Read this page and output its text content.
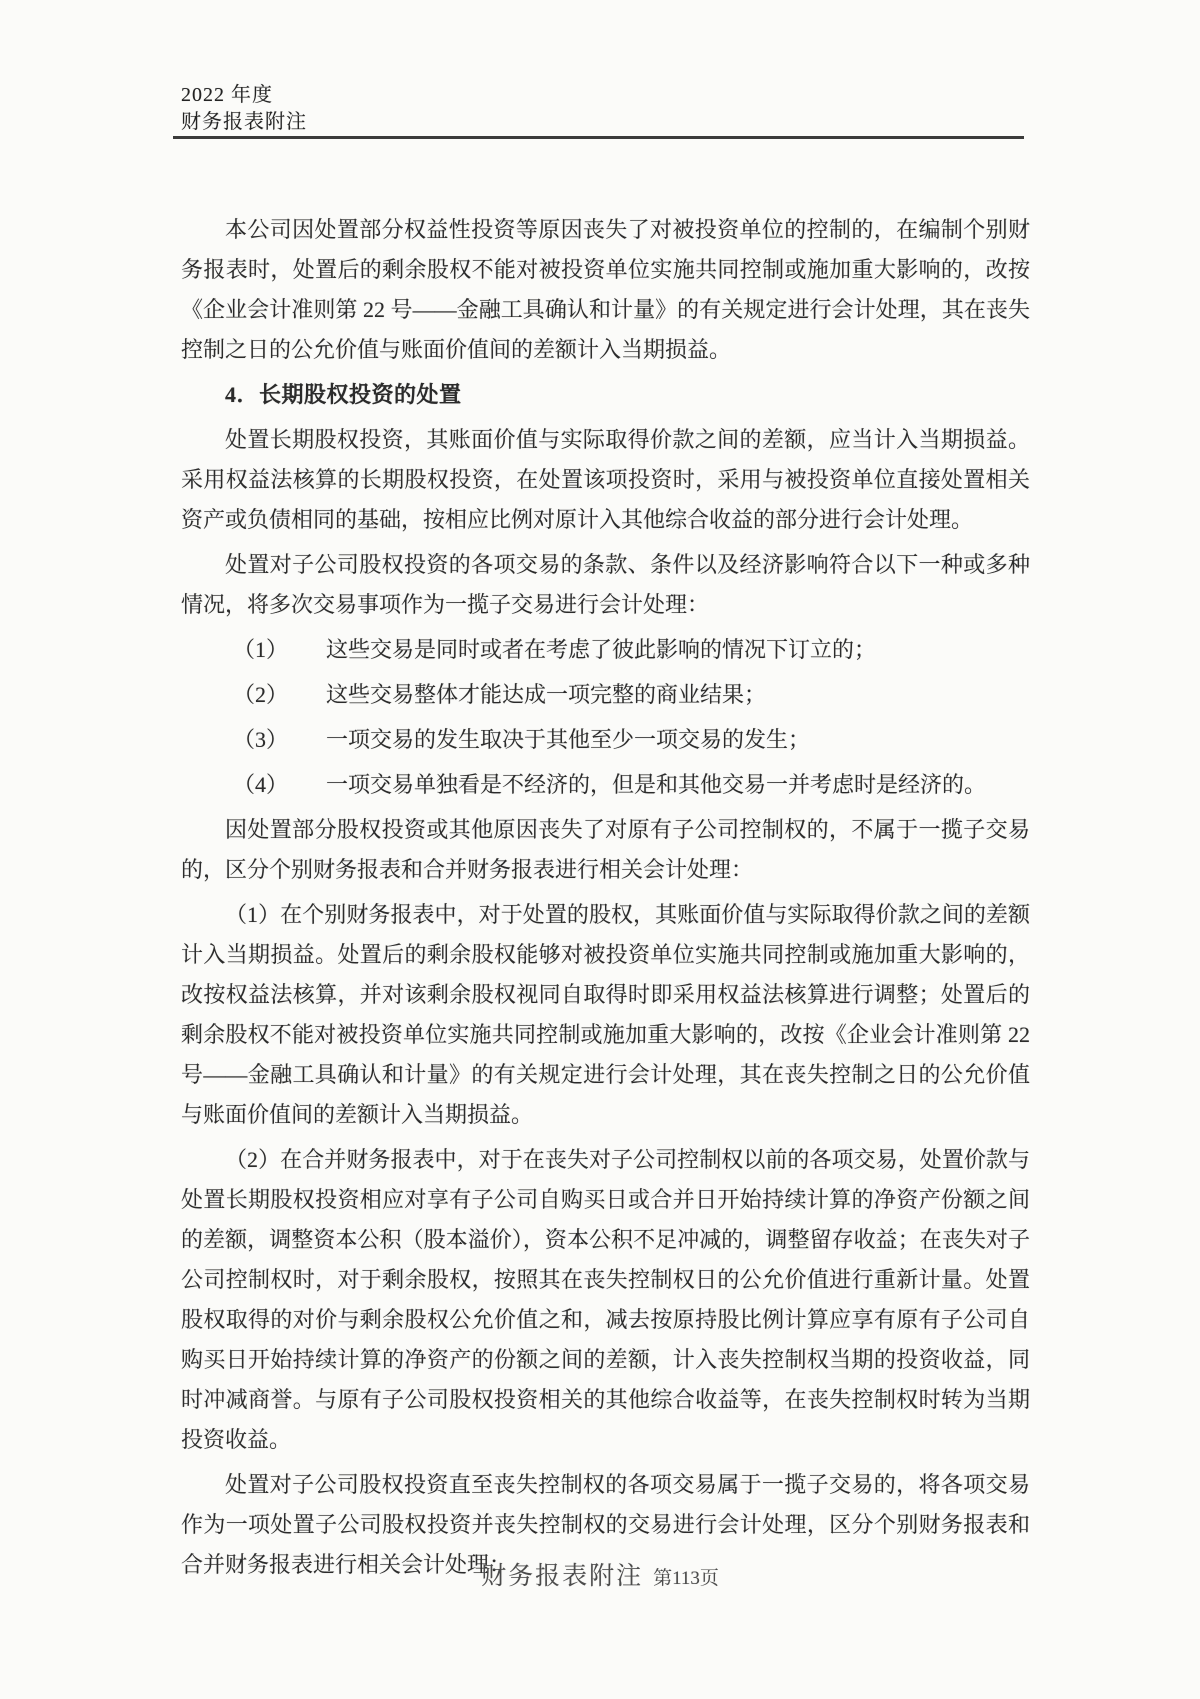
2022 年度
财务报表附注

本公司因处置部分权益性投资等原因丧失了对被投资单位的控制的，在编制个别财务报表时，处置后的剩余股权不能对被投资单位实施共同控制或施加重大影响的，改按《企业会计准则第 22 号——金融工具确认和计量》的有关规定进行会计处理，其在丧失控制之日的公允价值与账面价值间的差额计入当期损益。

4．长期股权投资的处置

处置长期股权投资，其账面价值与实际取得价款之间的差额，应当计入当期损益。采用权益法核算的长期股权投资，在处置该项投资时，采用与被投资单位直接处置相关资产或负债相同的基础，按相应比例对原计入其他综合收益的部分进行会计处理。

处置对子公司股权投资的各项交易的条款、条件以及经济影响符合以下一种或多种情况，将多次交易事项作为一揽子交易进行会计处理：

（1） 这些交易是同时或者在考虑了彼此影响的情况下订立的；

（2） 这些交易整体才能达成一项完整的商业结果；

（3） 一项交易的发生取决于其他至少一项交易的发生；

（4） 一项交易单独看是不经济的，但是和其他交易一并考虑时是经济的。

因处置部分股权投资或其他原因丧失了对原有子公司控制权的，不属于一揽子交易的，区分个别财务报表和合并财务报表进行相关会计处理：

（1）在个别财务报表中，对于处置的股权，其账面价值与实际取得价款之间的差额计入当期损益。处置后的剩余股权能够对被投资单位实施共同控制或施加重大影响的，改按权益法核算，并对该剩余股权视同自取得时即采用权益法核算进行调整；处置后的剩余股权不能对被投资单位实施共同控制或施加重大影响的，改按《企业会计准则第 22 号——金融工具确认和计量》的有关规定进行会计处理，其在丧失控制之日的公允价值与账面价值间的差额计入当期损益。

（2）在合并财务报表中，对于在丧失对子公司控制权以前的各项交易，处置价款与处置长期股权投资相应对享有子公司自购买日或合并日开始持续计算的净资产份额之间的差额，调整资本公积（股本溢价），资本公积不足冲减的，调整留存收益；在丧失对子公司控制权时，对于剩余股权，按照其在丧失控制权日的公允价值进行重新计量。处置股权取得的对价与剩余股权公允价值之和，减去按原持股比例计算应享有原有子公司自购买日开始持续计算的净资产的份额之间的差额，计入丧失控制权当期的投资收益，同时冲减商誉。与原有子公司股权投资相关的其他综合收益等，在丧失控制权时转为当期投资收益。

处置对子公司股权投资直至丧失控制权的各项交易属于一揽子交易的，将各项交易作为一项处置子公司股权投资并丧失控制权的交易进行会计处理，区分个别财务报表和合并财务报表进行相关会计处理：

财务报表附注 第113页
